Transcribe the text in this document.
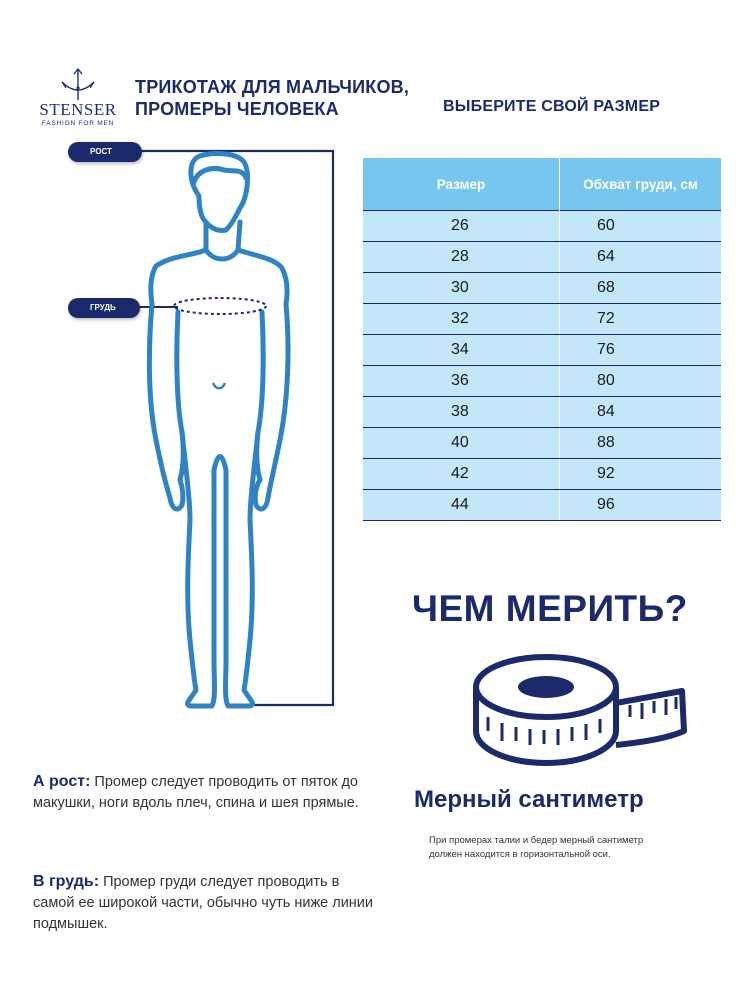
STENSER
FASHION FOR MEN
ТРИКОТАЖ ДЛЯ МАЛЬЧИКОВ,
ПРОМЕРЫ ЧЕЛОВЕКА	ВЫБЕРИТЕ СВОЙ РАЗМЕР
РОСТ
ГРУДЬ
Размер	Обхват груди, см
26	60
28	64
30	68
32	72
34	76
36	80
38	84
40	88
42	92
44	96
ЧЕМ МЕРИТЬ?
Мерный сантиметр
При промерах талии и бедер мерный сантиметр
должен находится в горизонтальной оси.
А рост: Промер следует проводить от пяток до макушки, ноги вдоль плеч, спина и шея прямые.
В грудь: Промер груди следует проводить в самой ее широкой части, обычно чуть ниже линии подмышек.
